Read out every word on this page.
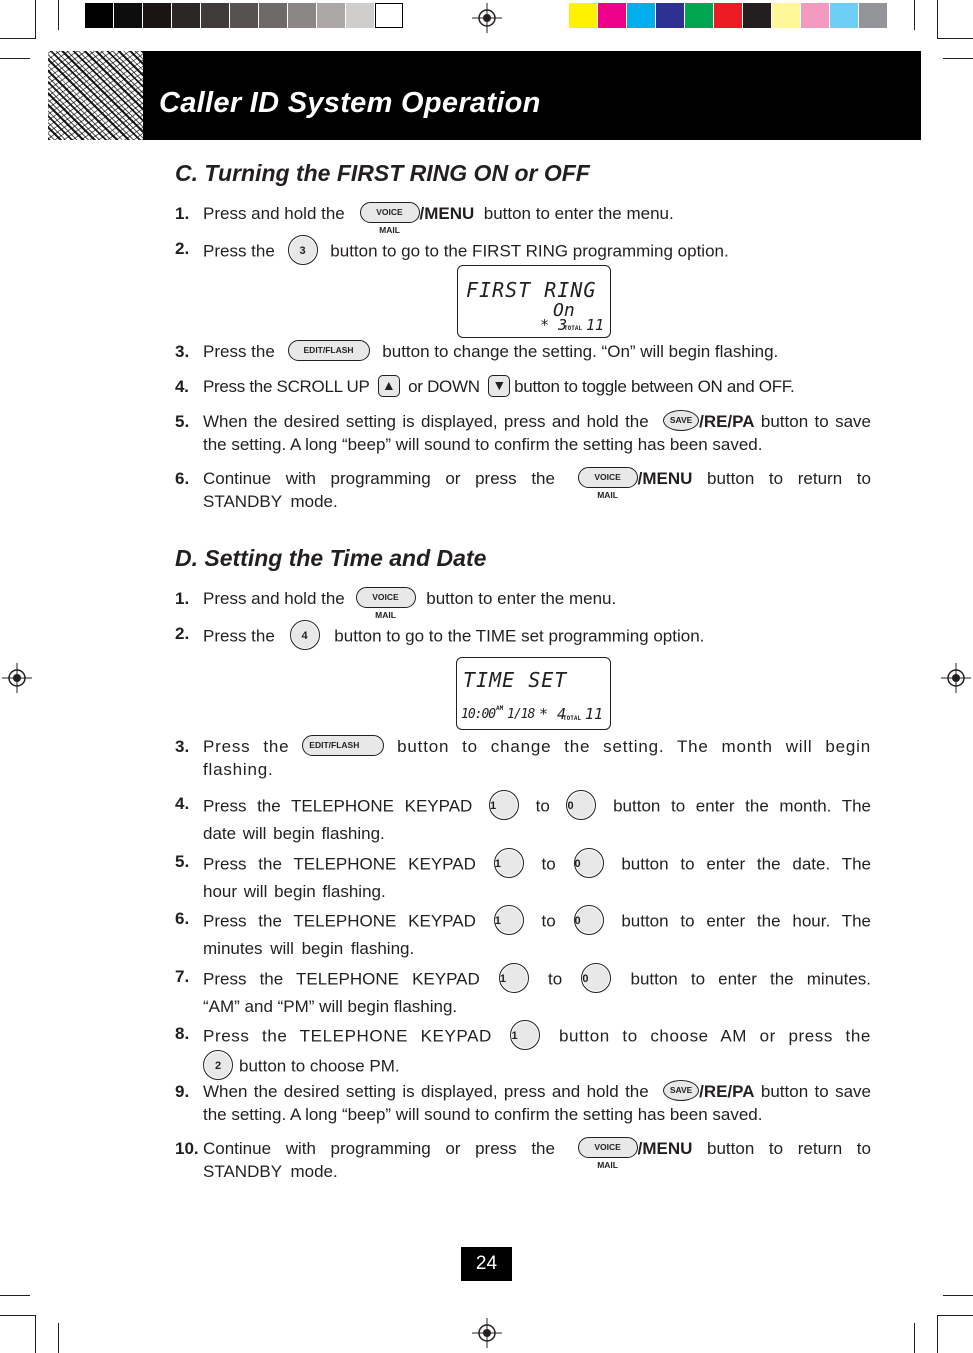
Caller ID System Operation
C. Turning the FIRST RING ON or OFF
1. Press and hold the	VOICE MAIL/MENU button to enter the menu.
2. Press the 3 button to go to the FIRST RING programming option.
FIRST RING
On
* 3
TOTAL 11
3. Press the	EDIT/FLASH button to change the setting. “On” will begin flashing.
4. Press the SCROLL UP ▲ or DOWN ▼ button to toggle between ON and OFF.
5. When the desired setting is displayed, press and hold the SAVE /RE/PA button to save the setting. A long “beep” will sound to confirm the setting has been saved.
6. Continue with programming or press the	VOICE MAIL/MENU button to return to STANDBY mode.
D. Setting the Time and Date
1. Press and hold the	VOICE MAIL button to enter the menu.
2. Press the 4 button to go to the TIME set programming option.
TIME SET
10:00 AM 1/18 * 4
TOTAL 11
3. Press the EDIT/FLASH button to change the setting. The month will begin
flashing.
4. Press the TELEPHONE KEYPAD 1 to 0 button to enter the month. The
date will begin flashing.
5. Press the TELEPHONE KEYPAD 1 to 0 button to enter the date. The
hour will begin flashing.
6. Press the TELEPHONE KEYPAD 1 to 0 button to enter the hour. The
minutes will begin flashing.
7. Press the TELEPHONE KEYPAD 1 to 0 button to enter the minutes.
“AM” and “PM” will begin flashing.
8. Press the TELEPHONE KEYPAD 1 button to choose AM or press the
2 button to choose PM.
9. When the desired setting is displayed, press and hold the SAVE /RE/PA button to save the setting. A long “beep” will sound to confirm the setting has been saved.
10. Continue with programming or press the	VOICE MAIL/MENU button to return to STANDBY mode.
24
